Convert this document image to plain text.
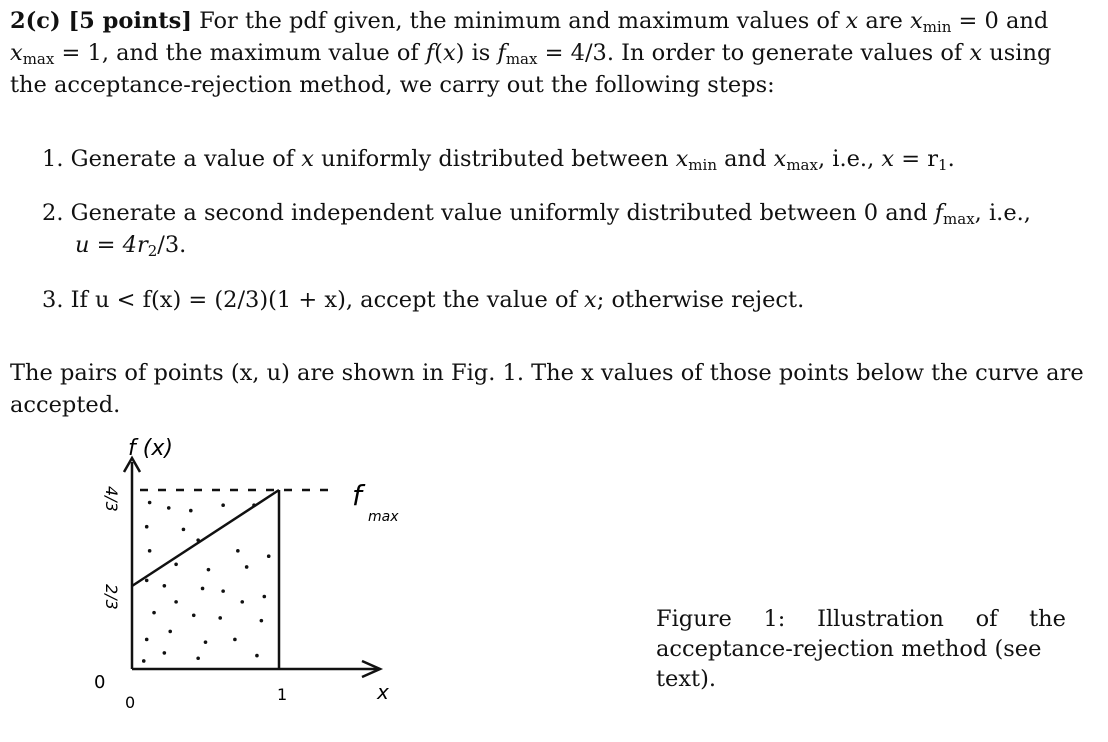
2(c) [5 points] For the pdf given, the minimum and maximum values of x are $x_{min} = 0$ and
$x_{max} = 1$, and the maximum value of f(x) is $f_{max} = 4/3$. In order to generate values of x using
the acceptance-rejection method, we carry out the following steps:
1. Generate a value of x uniformly distributed between $x_{min}$ and $x_{max}$, i.e., $x = r_1$.
2. Generate a second independent value uniformly distributed between 0 and $f_{max}$, i.e.,
$u = 4r_2/3$.
3. If u < f(x) = (2/3)(1 + x), accept the value of x; otherwise reject.
The pairs of points (x, u) are shown in Fig. 1. The x values of those points below the curve are
accepted.
4/3
2/3
0
0	1	x
f (x)
f
max
Figure 1: Illustration of the
acceptance-rejection method (see text).
